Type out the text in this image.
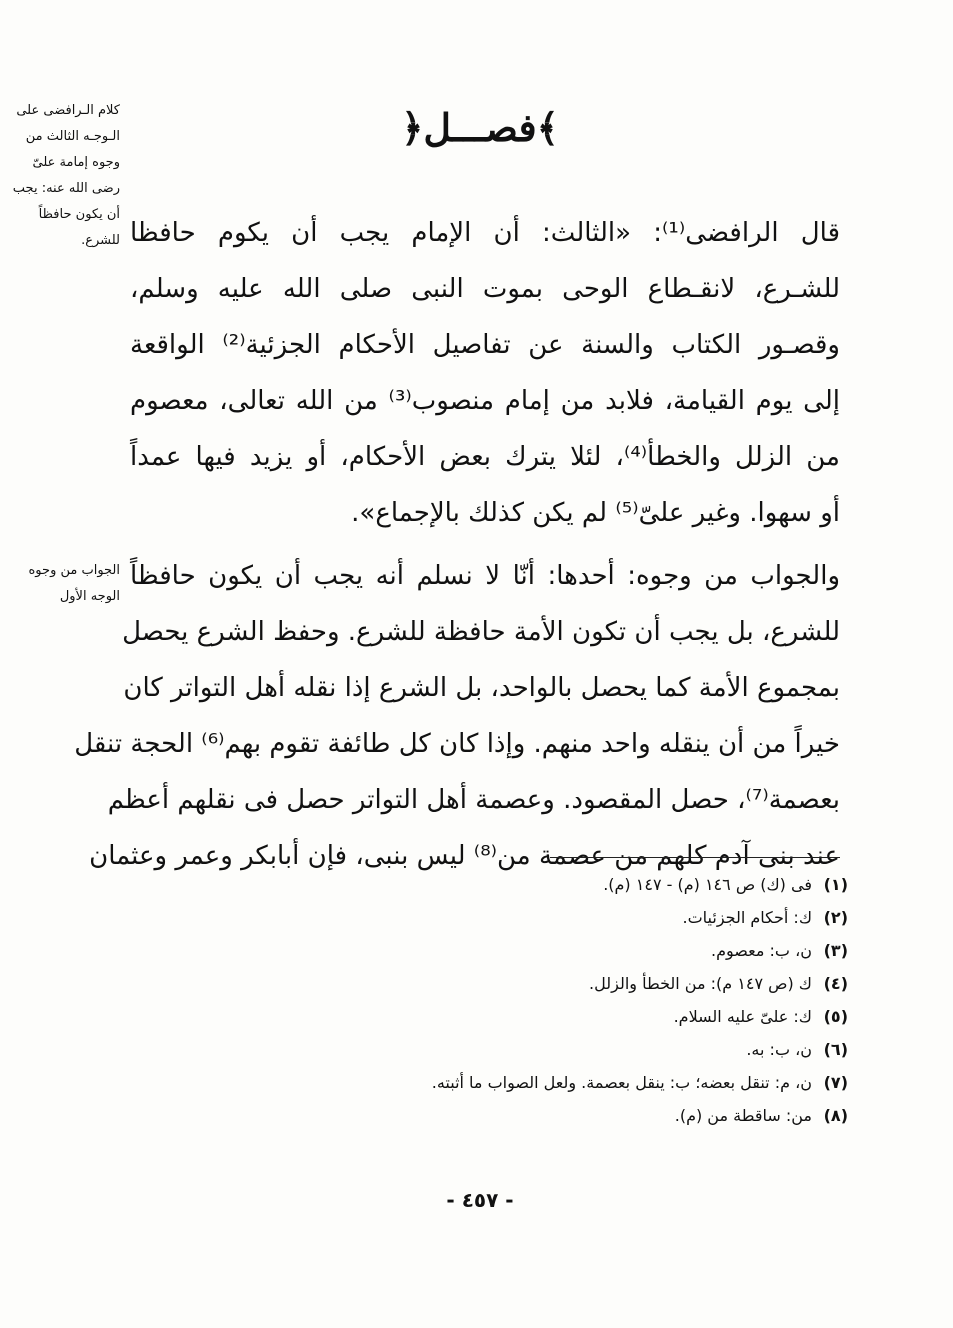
﴿فصـــل﴾
كلام الـرافضى على الـوجـه الثالث من وجوه إمامة علىّ رضى الله عنه: يجب أن يكون حافظاً للشرع.
الجواب من وجوه الوجه الأول
قال الرافضى⁽¹⁾: «الثالث: أن الإمام يجب أن يكوم حافظا
للشـرع، لانقـطاع الوحى بموت النبى صلى الله عليه وسلم،
وقصـور الكتاب والسنة عن تفاصيل الأحكام الجزئية⁽²⁾ الواقعة
إلى يوم القيامة، فلابد من إمام منصوب⁽³⁾ من الله تعالى، معصوم
من الزلل والخطأ⁽⁴⁾، لئلا يترك بعض الأحكام، أو يزيد فيها عمداً
أو سهوا. وغير علىّ⁽⁵⁾ لم يكن كذلك بالإجماع».
والجواب من وجوه: أحدها: أنّا لا نسلم أنه يجب أن يكون حافظاً
للشرع، بل يجب أن تكون الأمة حافظة للشرع. وحفظ الشرع يحصل
بمجموع الأمة كما يحصل بالواحد، بل الشرع إذا نقله أهل التواتر كان
خيراً من أن ينقله واحد منهم. وإذا كان كل طائفة تقوم بهم⁽⁶⁾ الحجة تنقل
بعصمة⁽⁷⁾، حصل المقصود. وعصمة أهل التواتر حصل فى نقلهم أعظم
عند بنى آدم كلهم من عصمة من⁽⁸⁾ ليس بنبى، فإن أبابكر وعمر وعثمان
(١)فى (ك) ص ١٤٦ (م) - ١٤٧ (م).
(٢)ك: أحكام الجزئيات.
(٣)ن، ب: معصوم.
(٤)ك (ص ١٤٧ م): من الخطأ والزلل.
(٥)ك: علىّ عليه السلام.
(٦)ن، ب: به.
(٧)ن، م: تنقل بعضه؛ ب: ينقل بعصمة. ولعل الصواب ما أثبته.
(٨)من: ساقطة من (م).
- ٤٥٧ -
